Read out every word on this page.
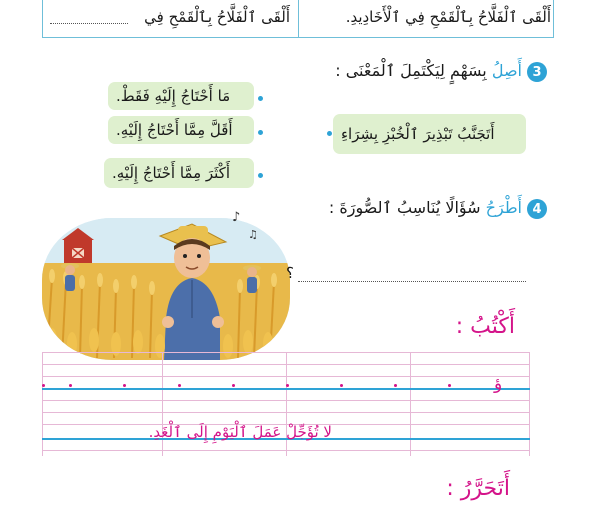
أَلْقَى ٱلْفَلَّاحُ بِٱلْقَمْحِ فِي ٱلْأَخَادِيدِ.
أَلْقَى ٱلْفَلَّاحُ بِٱلْقَمْحِ فِي
3
أَصِلُ بِسَهْمٍ لِيَكْتَمِلَ ٱلْمَعْنَى :
مَا أَحْتَاجُ إِلَيْهِ فَقَطْ.
أَقَلَّ مِمَّا أَحْتَاجُ إِلَيْهِ.
أَكْثَرَ مِمَّا أَحْتَاجُ إِلَيْهِ.
أَتَجَنَّبُ تَبْذِيرَ ٱلْخُبْزِ بِشِرَاءِ
4
أَطْرَحُ سُؤَالًا يُنَاسِبُ ٱلصُّورَةَ :
♪
♫
؟
أَكْتُبُ :
ؤ
لا تُؤَجِّلْ عَمَلَ ٱلْيَوْمِ إِلَى ٱلْغَدِ.
أَتَحَرَّرُ :
